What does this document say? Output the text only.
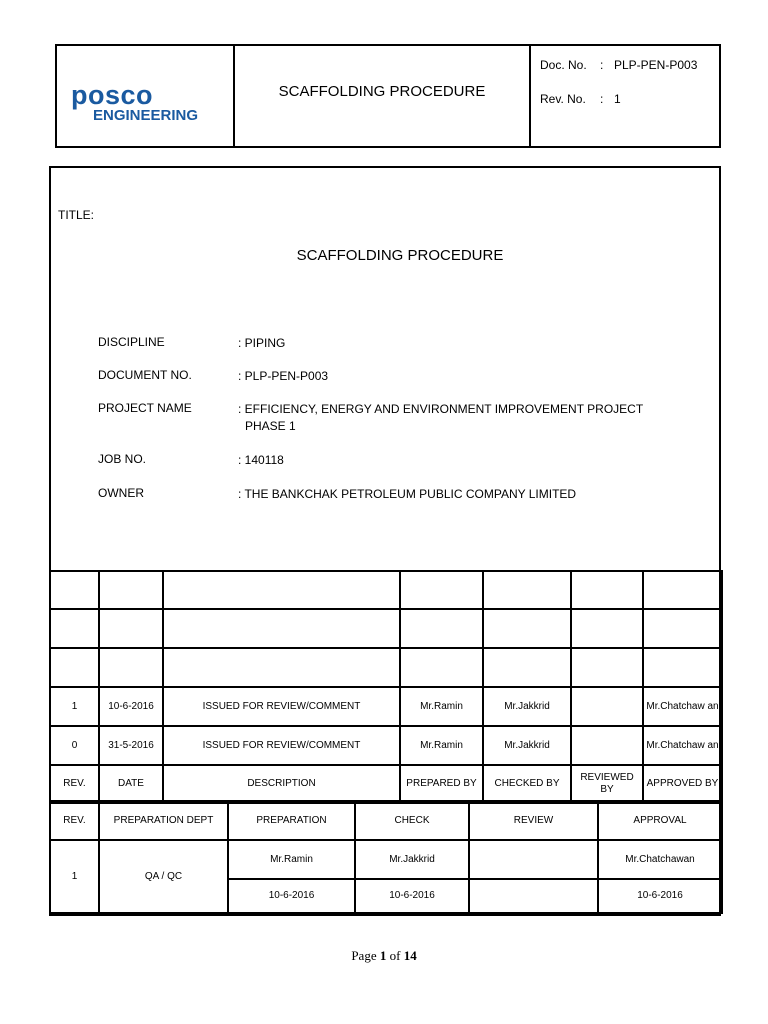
posco
ENGINEERING
SCAFFOLDING PROCEDURE
Doc. No. : PLP-PEN-P003
Rev. No. : 1
TITLE:
SCAFFOLDING PROCEDURE
DISCIPLINE	: PIPING
DOCUMENT NO.	: PLP-PEN-P003
PROJECT NAME	: EFFICIENCY, ENERGY AND ENVIRONMENT IMPROVEMENT PROJECT
PHASE 1
JOB NO.	: 140118
OWNER	: THE BANKCHAK PETROLEUM PUBLIC COMPANY LIMITED

1	10-6-2016	ISSUED FOR REVIEW/COMMENT	Mr.Ramin	Mr.Jakkrid		Mr.Chatchaw an
0	31-5-2016	ISSUED FOR REVIEW/COMMENT	Mr.Ramin	Mr.Jakkrid		Mr.Chatchaw an
REV.	DATE	DESCRIPTION	PREPARED BY	CHECKED BY	REVIEWED BY	APPROVED BY
REV.	PREPARATION DEPT	PREPARATION	CHECK	REVIEW	APPROVAL
1	QA / QC	Mr.Ramin	Mr.Jakkrid		Mr.Chatchawan
		10-6-2016	10-6-2016		10-6-2016
Page 1 of 14
